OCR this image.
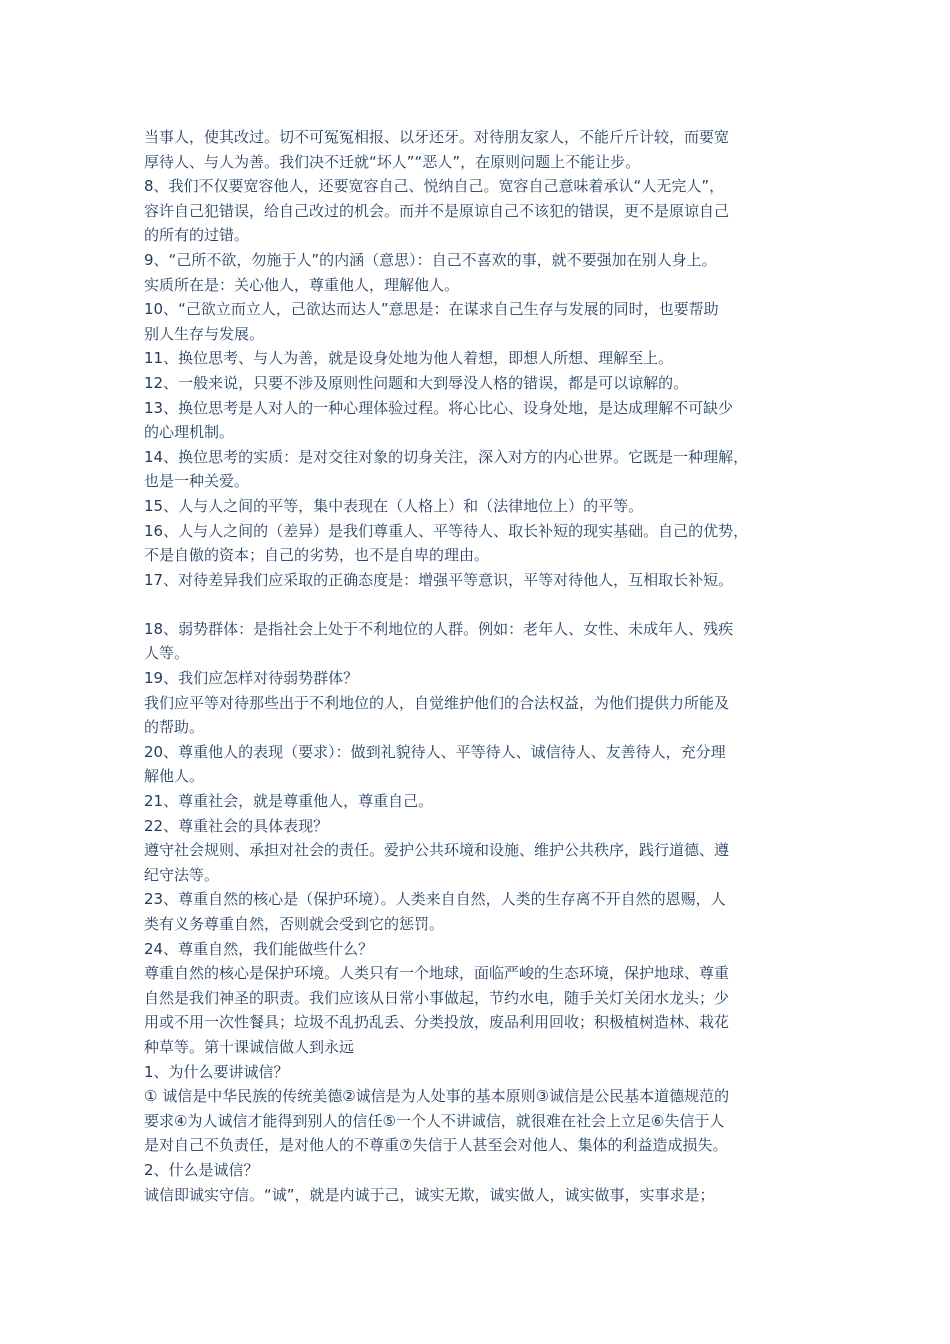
当事人，使其改过。切不可冤冤相报、以牙还牙。对待朋友家人，不能斤斤计较，而要宽
厚待人、与人为善。我们决不迁就“坏人”“恶人”，在原则问题上不能让步。
8、我们不仅要宽容他人，还要宽容自己、悦纳自己。宽容自己意味着承认“人无完人”，
容许自己犯错误，给自己改过的机会。而并不是原谅自己不该犯的错误，更不是原谅自己
的所有的过错。
9、“己所不欲，勿施于人”的内涵（意思）：自己不喜欢的事，就不要强加在别人身上。
实质所在是：关心他人，尊重他人，理解他人。
10、“己欲立而立人，己欲达而达人”意思是：在谋求自己生存与发展的同时，也要帮助
别人生存与发展。
11、换位思考、与人为善，就是设身处地为他人着想，即想人所想、理解至上。
12、一般来说，只要不涉及原则性问题和大到辱没人格的错误，都是可以谅解的。
13、换位思考是人对人的一种心理体验过程。将心比心、设身处地，是达成理解不可缺少
的心理机制。
14、换位思考的实质：是对交往对象的切身关注，深入对方的内心世界。它既是一种理解，
也是一种关爱。
15、人与人之间的平等，集中表现在（人格上）和（法律地位上）的平等。
16、人与人之间的（差异）是我们尊重人、平等待人、取长补短的现实基础。自己的优势，
不是自傲的资本；自己的劣势，也不是自卑的理由。
17、对待差异我们应采取的正确态度是：增强平等意识，平等对待他人，互相取长补短。
18、弱势群体：是指社会上处于不利地位的人群。例如：老年人、女性、未成年人、残疾
人等。
19、我们应怎样对待弱势群体？
我们应平等对待那些出于不利地位的人，自觉维护他们的合法权益，为他们提供力所能及
的帮助。
20、尊重他人的表现（要求）：做到礼貌待人、平等待人、诚信待人、友善待人，充分理
解他人。
21、尊重社会，就是尊重他人，尊重自己。
22、尊重社会的具体表现？
遵守社会规则、承担对社会的责任。爱护公共环境和设施、维护公共秩序，践行道德、遵
纪守法等。
23、尊重自然的核心是（保护环境）。人类来自自然，人类的生存离不开自然的恩赐，人
类有义务尊重自然，否则就会受到它的惩罚。
24、尊重自然，我们能做些什么？
尊重自然的核心是保护环境。人类只有一个地球，面临严峻的生态环境，保护地球、尊重
自然是我们神圣的职责。我们应该从日常小事做起，节约水电，随手关灯关闭水龙头；少
用或不用一次性餐具；垃圾不乱扔乱丢、分类投放，废品利用回收；积极植树造林、栽花
种草等。第十课诚信做人到永远
1、为什么要讲诚信？
① 诚信是中华民族的传统美德②诚信是为人处事的基本原则③诚信是公民基本道德规范的
要求④为人诚信才能得到别人的信任⑤一个人不讲诚信，就很难在社会上立足⑥失信于人
是对自己不负责任，是对他人的不尊重⑦失信于人甚至会对他人、集体的利益造成损失。
2、什么是诚信？
诚信即诚实守信。“诚”，就是内诚于己，诚实无欺，诚实做人，诚实做事，实事求是；
